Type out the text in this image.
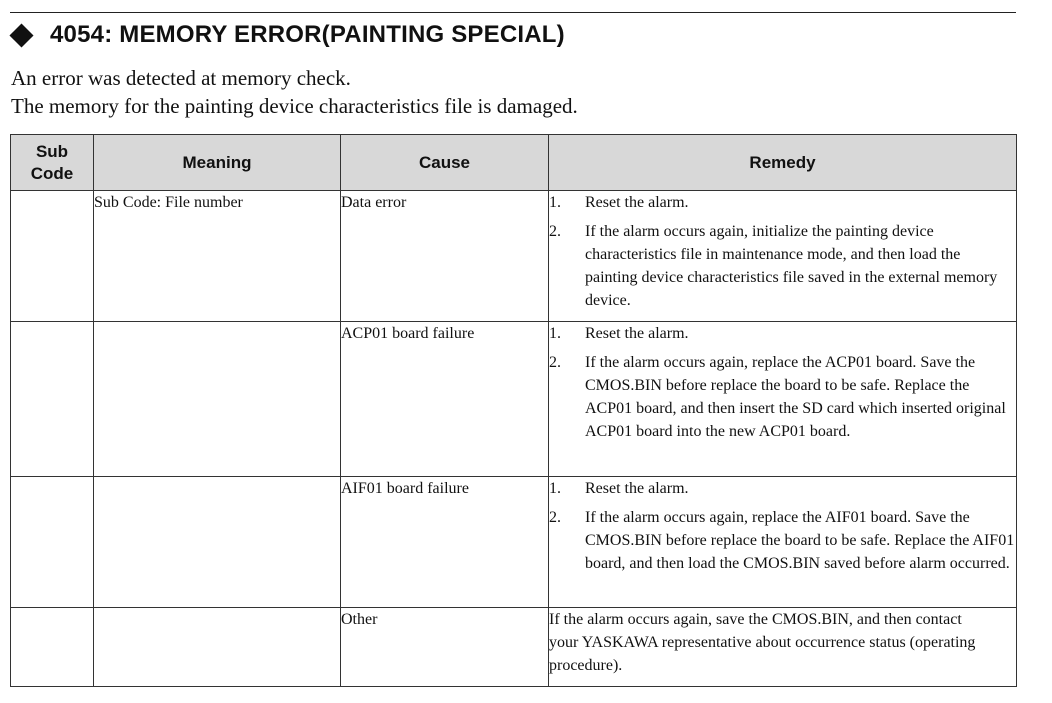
4054: MEMORY ERROR(PAINTING SPECIAL)

An error was detected at memory check.

The memory for the painting device characteristics file is damaged.

Sub
Code	Meaning	Cause	Remedy
	Sub Code: File number	Data error	1. Reset the alarm.
2. If the alarm occurs again, initialize the painting device characteristics file in maintenance mode, and then load the painting device characteristics file saved in the external memory device.

		ACP01 board failure	1. Reset the alarm.
2. If the alarm occurs again, replace the ACP01 board. Save the CMOS.BIN before replace the board to be safe. Replace the ACP01 board, and then insert the SD card which inserted original ACP01 board into the new ACP01 board.

		AIF01 board failure	1. Reset the alarm.
2. If the alarm occurs again, replace the AIF01 board. Save the CMOS.BIN before replace the board to be safe. Replace the AIF01 board, and then load the CMOS.BIN saved before alarm occurred.

		Other	If the alarm occurs again, save the CMOS.BIN, and then contact your YASKAWA representative about occurrence status (operating procedure).
